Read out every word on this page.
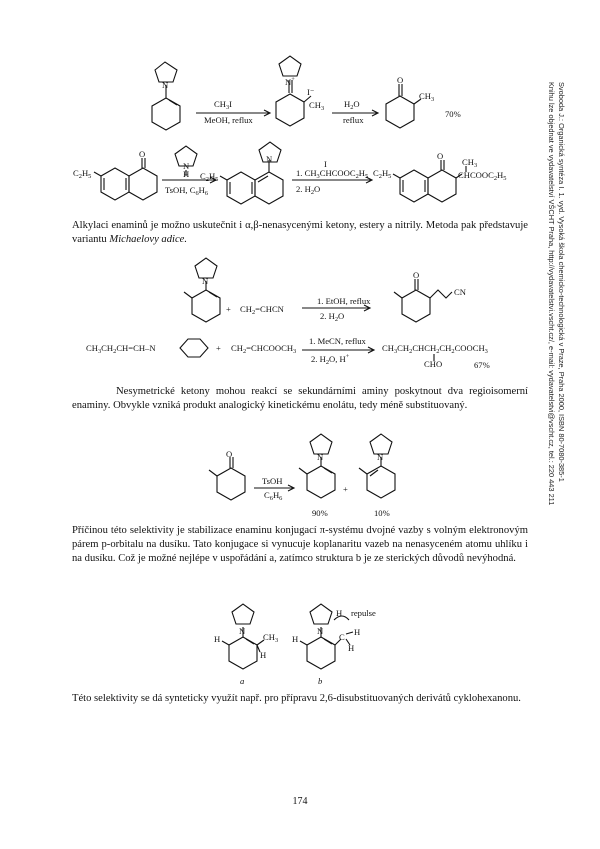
Svoboda J.: Organická syntéza I. 1. vyd. Vysoká škola chemicko-technologická v Praze, Praha 2000, ISBN 80-7080-385-1
Knihu lze objednat ve vydavatelství VŠCHT Praha, http://vydavatelstvi.vscht.cz/, e-mail: vydavatelstvi@vscht.cz, tel.: 220 443 211
N
$CH_3I$
MeOH, reflux
N+
I⁻
$CH_3$ $H_2O$
reflux
O
$CH_3$
70%
$C_2H_5$
O
N
H
TsOH, $C_6H_6$
$C_2H_5$
N	I
1. $CH_3CHCOOC_2H_5$
2. $H_2O$
$C_2H_5$
O
$CH_3$
$CHCOOC_2H_5$
Alkylaci enaminů je možno uskutečnit i α,β-nenasycenými ketony, estery a nitrily. Metoda pak představuje variantu Michaelovy adice.
N
+ $CH_2=CHCN$
1. EtOH, reflux
2. $H_2O$
O
CN
$CH_3CH_2CH=CH-N$	+ $CH_2=CHCOOCH_3$
1. MeCN, reflux
2. $H_2O$, H+
$CH_3CH_2CHCH_2CH_2COOCH_3$
CHO	67%
Nesymetrické ketony mohou reakcí se sekundárními aminy poskytnout dva regioisomerní enaminy. Obvykle vzniká produkt analogický kinetickému enolátu, tedy méně substituovaný.
O
TsOH
$C_6H_6$
N	N
90%
+
10%
Příčinou této selektivity je stabilizace enaminu konjugací π-systému dvojné vazby s volným elektronovým párem p-orbitalu na dusíku. Tato konjugace si vynucuje koplanaritu vazeb na nenasyceném atomu uhlíku i na dusíku. Což je možné nejlépe v uspořádání a, zatímco struktura b je ze sterických důvodů nevýhodná.
N
H	$CH_3$
H
a
N
H
H repulse
C H
H
b
Této selektivity se dá synteticky využít např. pro přípravu 2,6-disubstituovaných derivátů cyklohexanonu.
174
